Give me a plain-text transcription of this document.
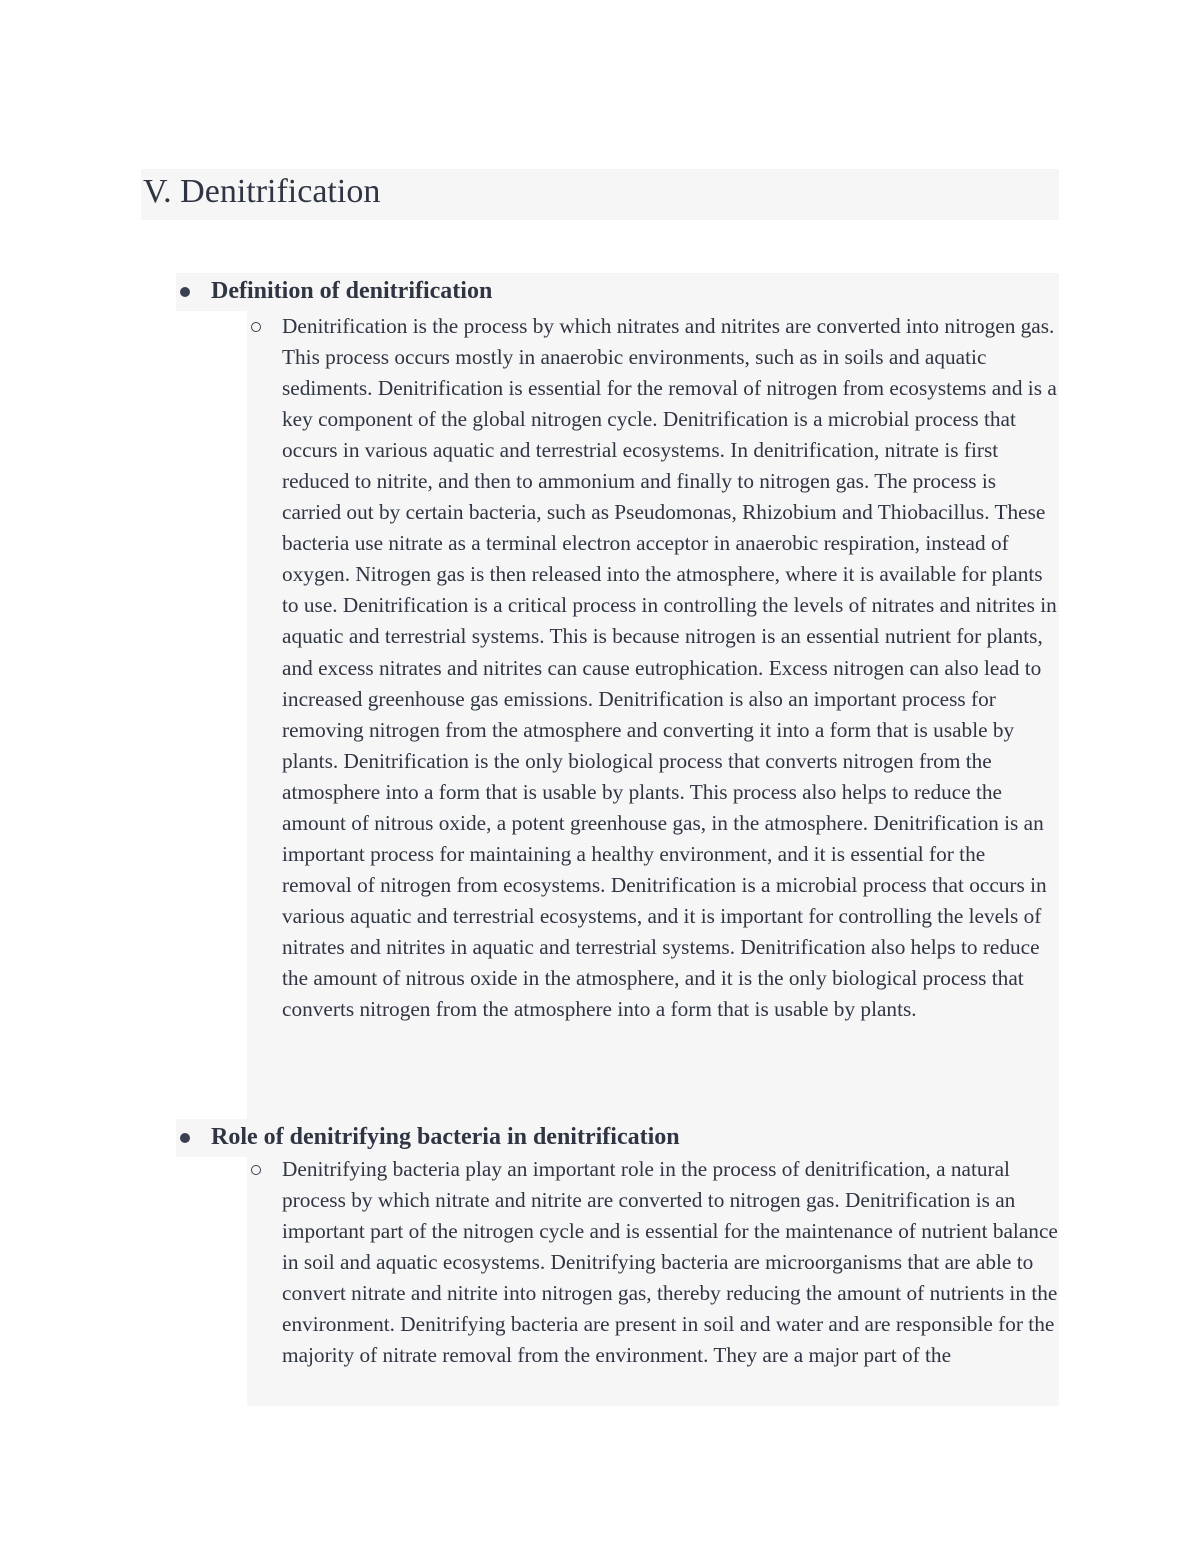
V. Denitrification
Definition of denitrification

Denitrification is the process by which nitrates and nitrites are converted into nitrogen gas. This process occurs mostly in anaerobic environments, such as in soils and aquatic sediments. Denitrification is essential for the removal of nitrogen from ecosystems and is a key component of the global nitrogen cycle. Denitrification is a microbial process that occurs in various aquatic and terrestrial ecosystems. In denitrification, nitrate is first reduced to nitrite, and then to ammonium and finally to nitrogen gas. The process is carried out by certain bacteria, such as Pseudomonas, Rhizobium and Thiobacillus. These bacteria use nitrate as a terminal electron acceptor in anaerobic respiration, instead of oxygen. Nitrogen gas is then released into the atmosphere, where it is available for plants to use. Denitrification is a critical process in controlling the levels of nitrates and nitrites in aquatic and terrestrial systems. This is because nitrogen is an essential nutrient for plants, and excess nitrates and nitrites can cause eutrophication. Excess nitrogen can also lead to increased greenhouse gas emissions. Denitrification is also an important process for removing nitrogen from the atmosphere and converting it into a form that is usable by plants. Denitrification is the only biological process that converts nitrogen from the atmosphere into a form that is usable by plants. This process also helps to reduce the amount of nitrous oxide, a potent greenhouse gas, in the atmosphere. Denitrification is an important process for maintaining a healthy environment, and it is essential for the removal of nitrogen from ecosystems. Denitrification is a microbial process that occurs in various aquatic and terrestrial ecosystems, and it is important for controlling the levels of nitrates and nitrites in aquatic and terrestrial systems. Denitrification also helps to reduce the amount of nitrous oxide in the atmosphere, and it is the only biological process that converts nitrogen from the atmosphere into a form that is usable by plants.

Role of denitrifying bacteria in denitrification

Denitrifying bacteria play an important role in the process of denitrification, a natural process by which nitrate and nitrite are converted to nitrogen gas. Denitrification is an important part of the nitrogen cycle and is essential for the maintenance of nutrient balance in soil and aquatic ecosystems. Denitrifying bacteria are microorganisms that are able to convert nitrate and nitrite into nitrogen gas, thereby reducing the amount of nutrients in the environment. Denitrifying bacteria are present in soil and water and are responsible for the majority of nitrate removal from the environment. They are a major part of the
